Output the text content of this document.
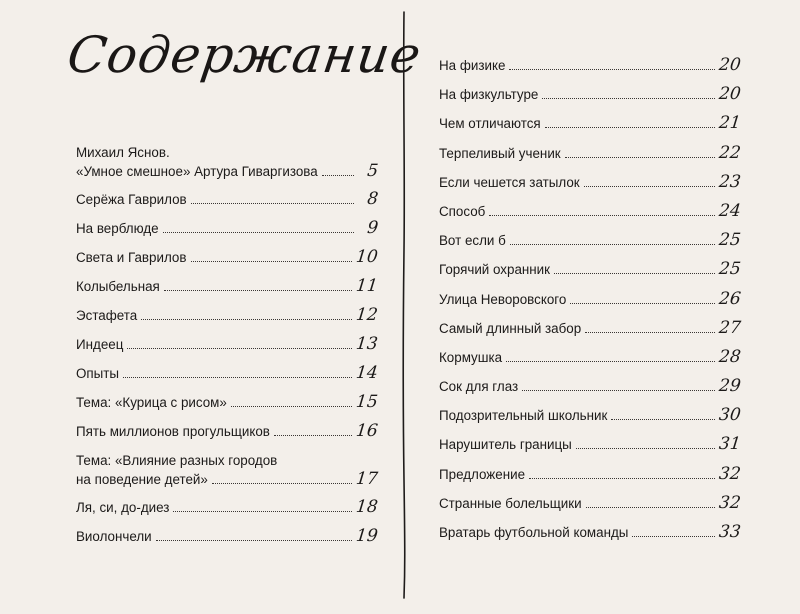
Содержание
Михаил Яснов.
«Умное смешное» Артура Гиваргизова	5
Серёжа Гаврилов	8
На верблюде	9
Света и Гаврилов	10
Колыбельная	11
Эстафета	12
Индеец	13
Опыты	14
Тема: «Курица с рисом»	15
Пять миллионов прогульщиков	16
Тема: «Влияние разных городов
на поведение детей»	17
Ля, си, до-диез	18
Виолончели	19
На физике	20
На физкультуре	20
Чем отличаются	21
Терпеливый ученик	22
Если чешется затылок	23
Способ	24
Вот если б	25
Горячий охранник	25
Улица Неворовского	26
Самый длинный забор	27
Кормушка	28
Сок для глаз	29
Подозрительный школьник	30
Нарушитель границы	31
Предложение	32
Странные болельщики	32
Вратарь футбольной команды	33
